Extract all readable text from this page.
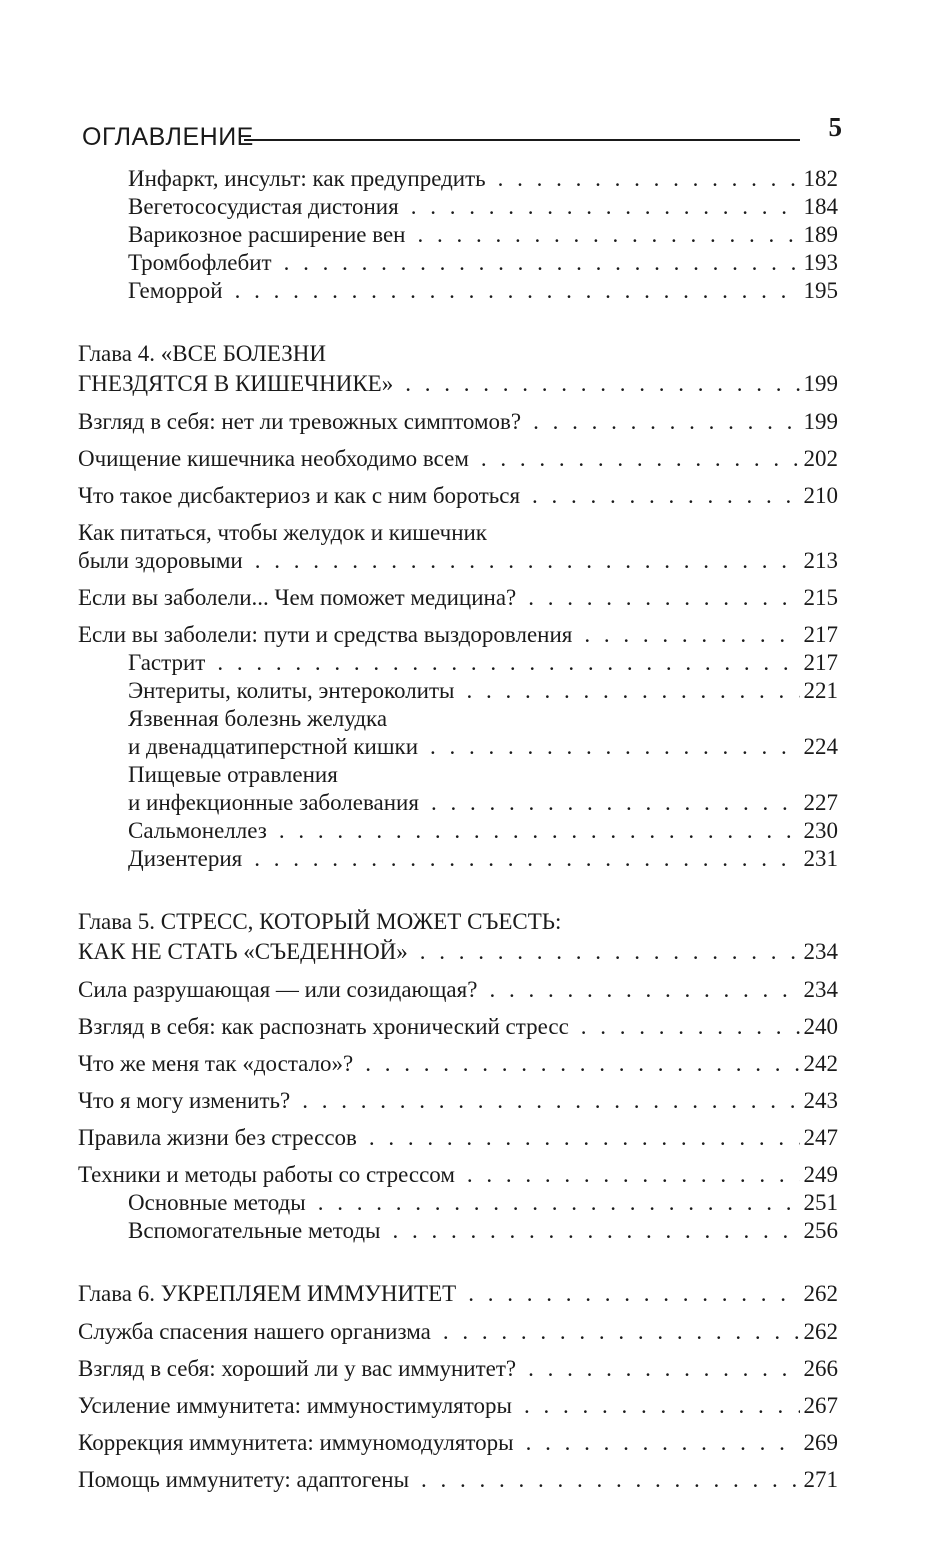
ОГЛАВЛЕНИЕ	5
Инфаркт, инсульт: как предупредить . . .	182
Вегетососудистая дистония . . .	184
Варикозное расширение вен . . .	189
Тромбофлебит . . .	193
Геморрой . . .	195
Глава 4. «ВСЕ БОЛЕЗНИ
ГНЕЗДЯТСЯ В КИШЕЧНИКЕ» . . .	199
Взгляд в себя: нет ли тревожных симптомов? . . .	199
Очищение кишечника необходимо всем . . .	202
Что такое дисбактериоз и как с ним бороться . . .	210
Как питаться, чтобы желудок и кишечник
были здоровыми . . .	213
Если вы заболели... Чем поможет медицина? . . .	215
Если вы заболели: пути и средства выздоровления . . .	217
Гастрит . . .	217
Энтериты, колиты, энтероколиты . . .	221
Язвенная болезнь желудка
и двенадцатиперстной кишки . . .	224
Пищевые отравления
и инфекционные заболевания . . .	227
Сальмонеллез . . .	230
Дизентерия . . .	231
Глава 5. СТРЕСС, КОТОРЫЙ МОЖЕТ СЪЕСТЬ:
КАК НЕ СТАТЬ «СЪЕДЕННОЙ» . . .	234
Сила разрушающая — или созидающая? . . .	234
Взгляд в себя: как распознать хронический стресс . . .	240
Что же меня так «достало»? . . .	242
Что я могу изменить? . . .	243
Правила жизни без стрессов . . .	247
Техники и методы работы со стрессом . . .	249
Основные методы . . .	251
Вспомогательные методы . . .	256
Глава 6. УКРЕПЛЯЕМ ИММУНИТЕТ . . .	262
Служба спасения нашего организма . . .	262
Взгляд в себя: хороший ли у вас иммунитет? . . .	266
Усиление иммунитета: иммуностимуляторы . . .	267
Коррекция иммунитета: иммуномодуляторы . . .	269
Помощь иммунитету: адаптогены . . .	271
